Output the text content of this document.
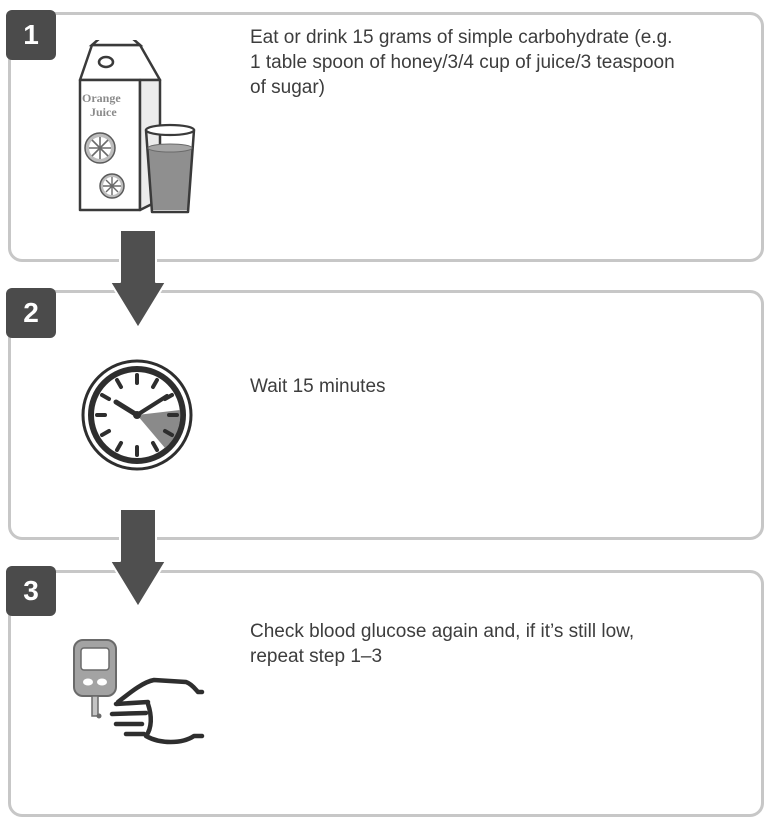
1	Eat or drink 15 grams of simple carbohydrate (e.g.
1 table spoon of honey/3/4 cup of juice/3 teaspoon
of sugar)
Orange
Juice
2
Wait 15 minutes
3
Check blood glucose again and, if it’s still low,
repeat step 1–3
